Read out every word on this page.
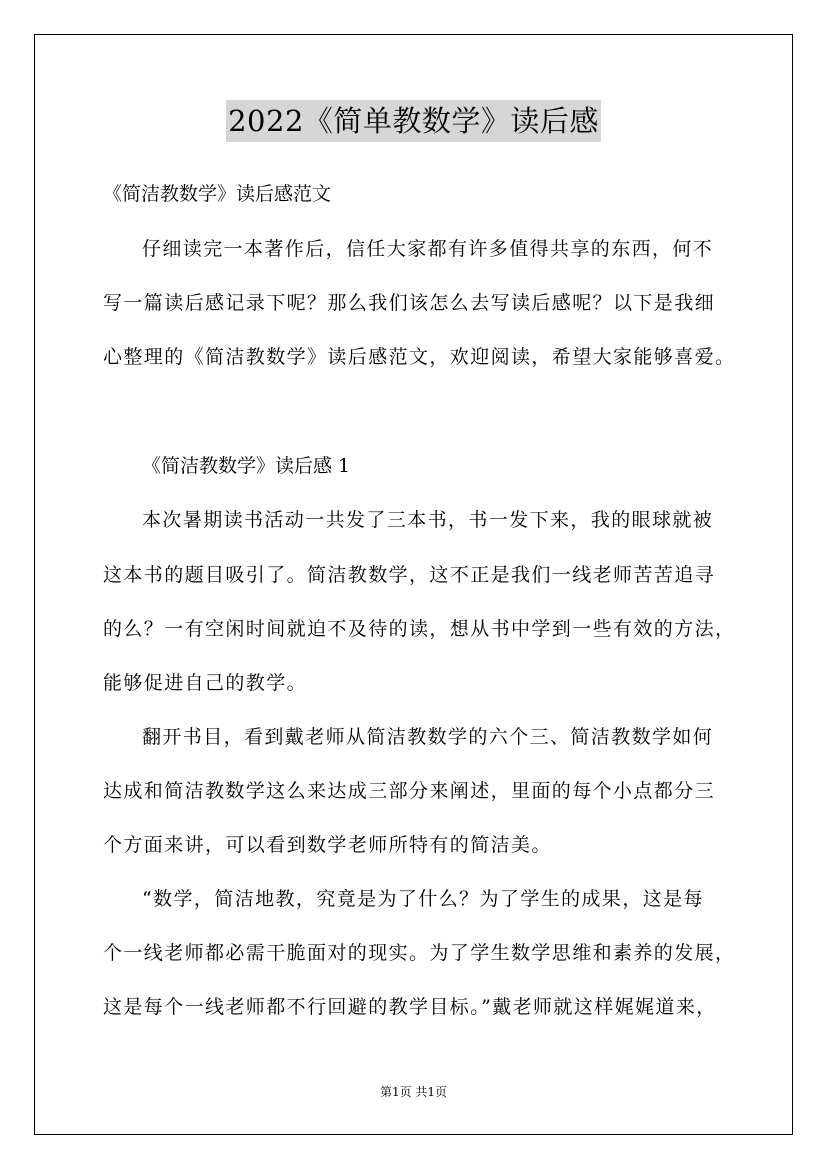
2022《简单教数学》读后感
《简洁教数学》读后感范文
仔细读完一本著作后，信任大家都有许多值得共享的东西，何不
写一篇读后感记录下呢？那么我们该怎么去写读后感呢？以下是我细
心整理的《简洁教数学》读后感范文，欢迎阅读，希望大家能够喜爱。
《简洁教数学》读后感 1
本次暑期读书活动一共发了三本书，书一发下来，我的眼球就被
这本书的题目吸引了。简洁教数学，这不正是我们一线老师苦苦追寻
的么？一有空闲时间就迫不及待的读，想从书中学到一些有效的方法，
能够促进自己的教学。
翻开书目，看到戴老师从简洁教数学的六个三、简洁教数学如何
达成和简洁教数学这么来达成三部分来阐述，里面的每个小点都分三
个方面来讲，可以看到数学老师所特有的简洁美。
“数学，简洁地教，究竟是为了什么？为了学生的成果，这是每
个一线老师都必需干脆面对的现实。为了学生数学思维和素养的发展，
这是每个一线老师都不行回避的教学目标。”戴老师就这样娓娓道来，
第1页 共1页
